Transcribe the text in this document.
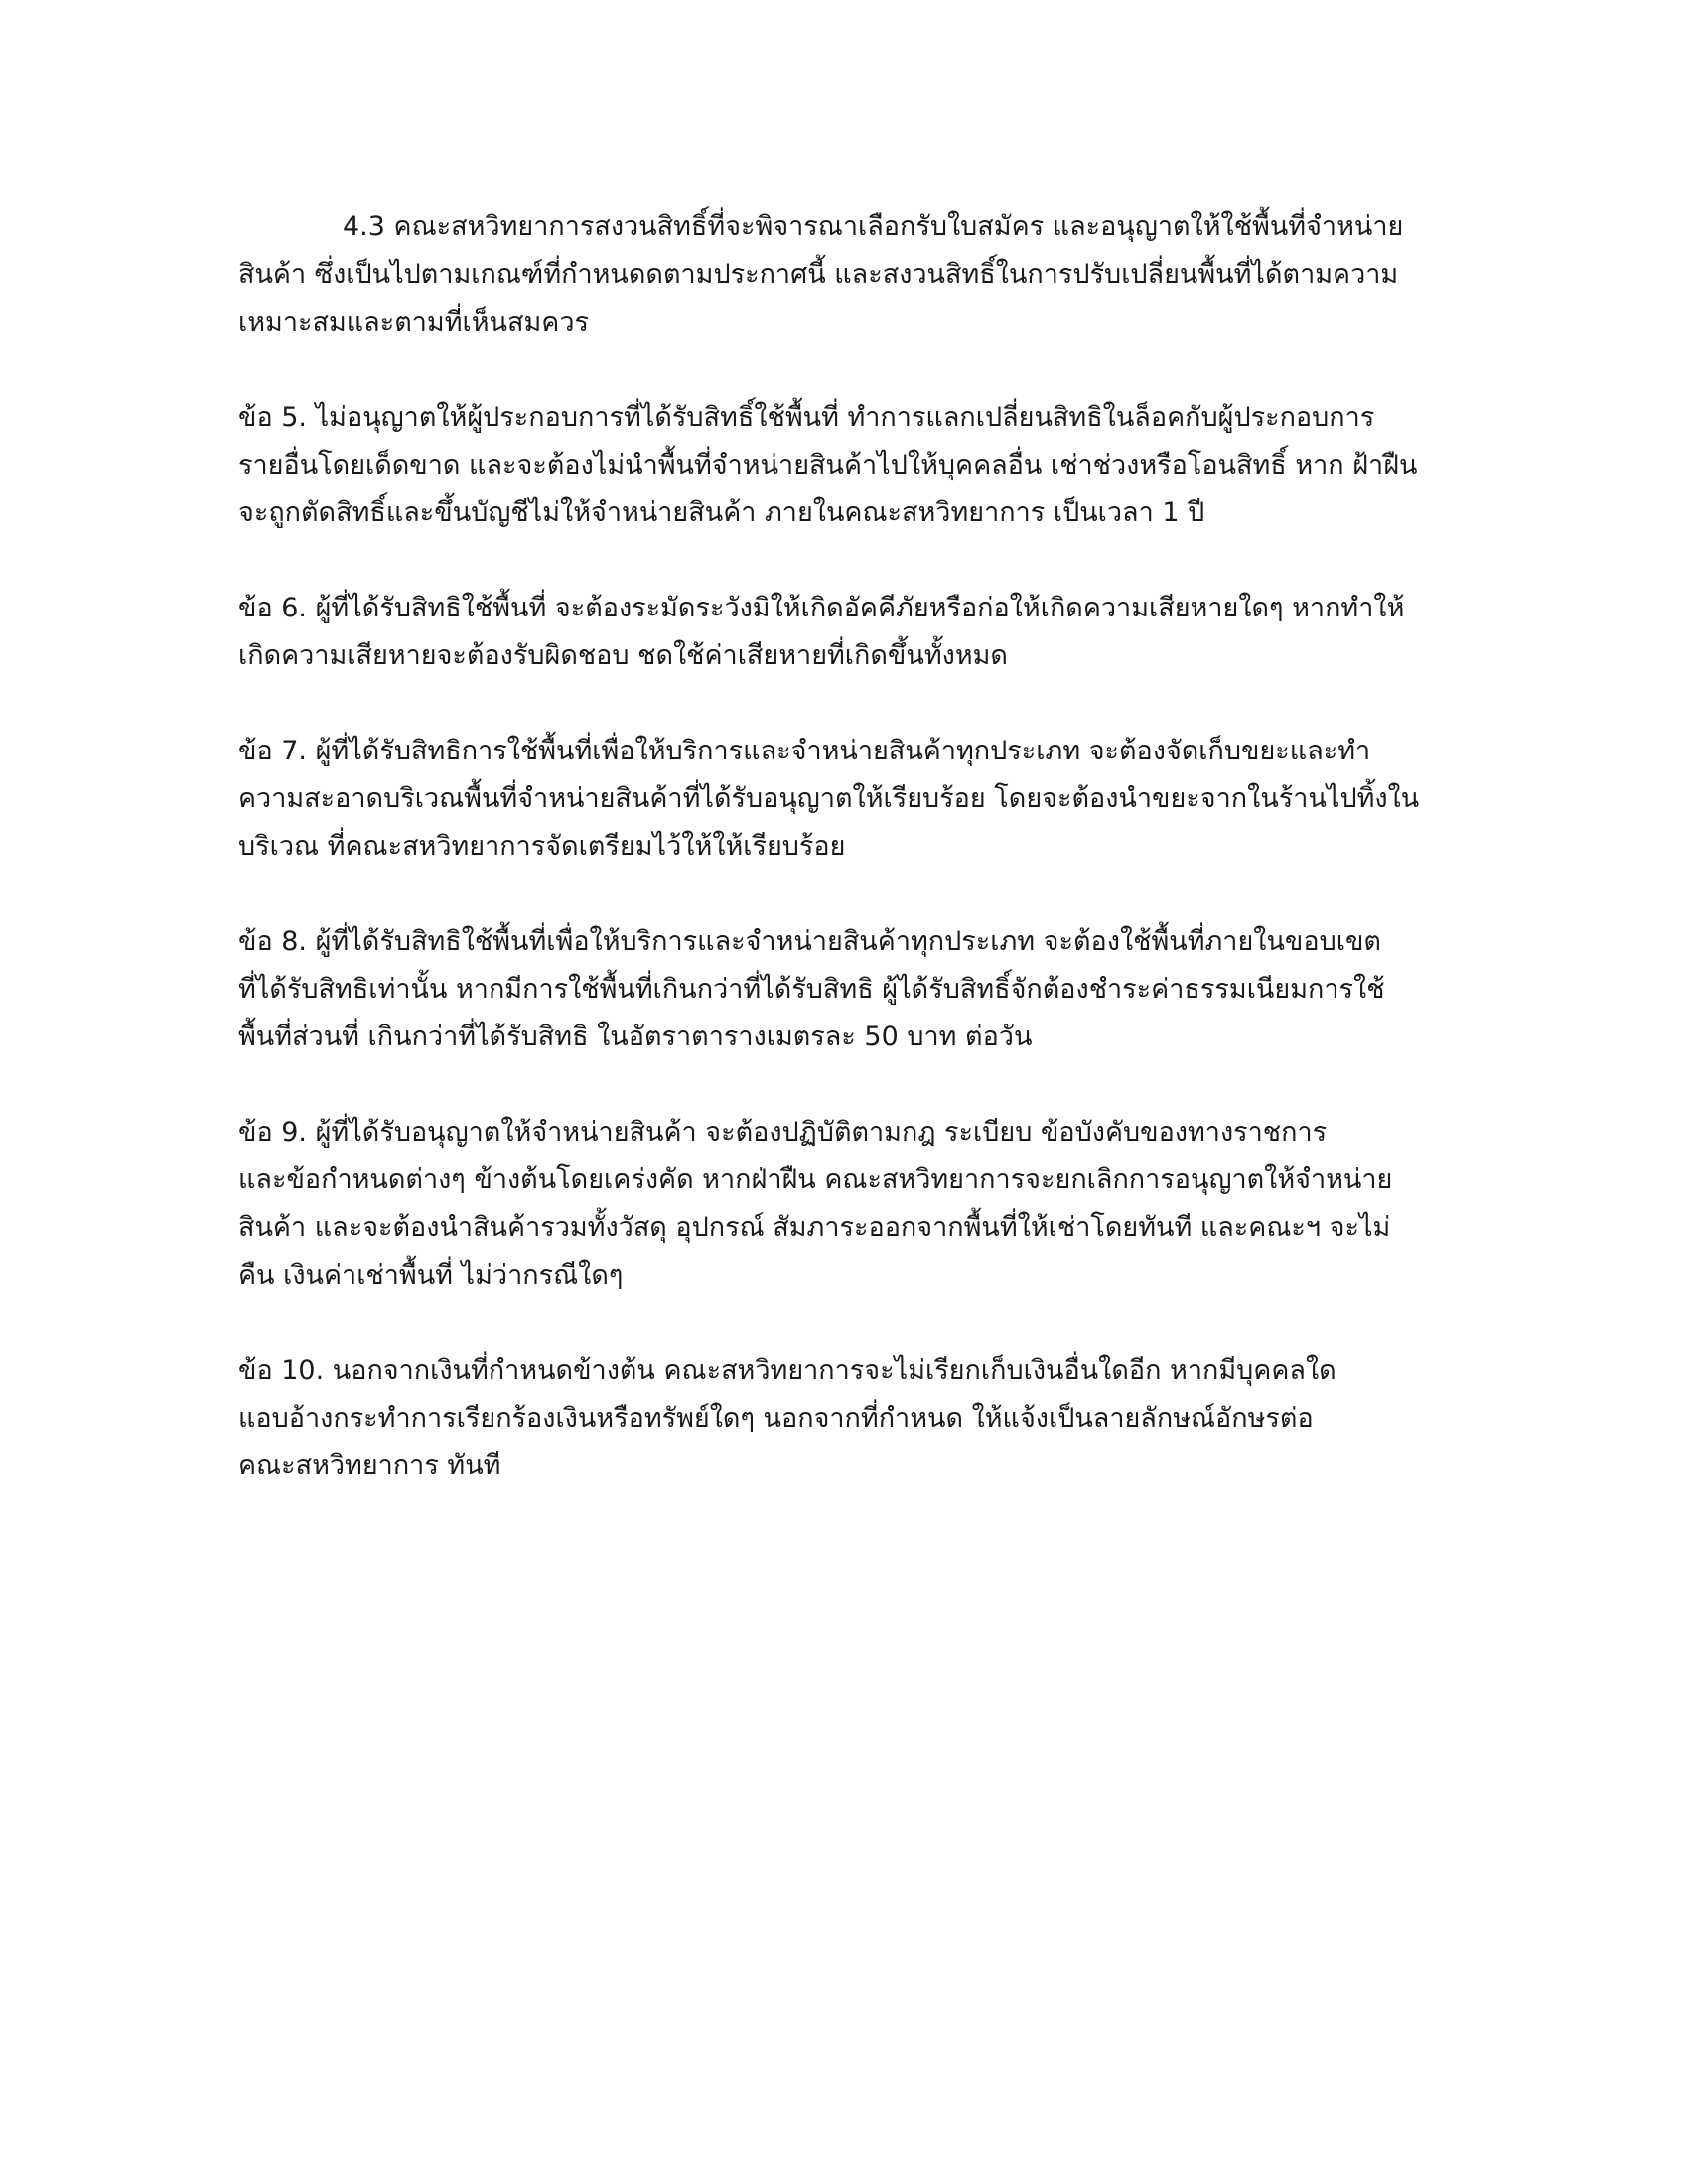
4.3 คณะสหวิทยาการสงวนสิทธิ์ที่จะพิจารณาเลือกรับใบสมัคร และอนุญาตให้ใช้พื้นที่จำหน่าย
สินค้า ซึ่งเป็นไปตามเกณฑ์ที่กำหนดดตามประกาศนี้ และสงวนสิทธิ์ในการปรับเปลี่ยนพื้นที่ได้ตามความ
เหมาะสมและตามที่เห็นสมควร

ข้อ 5. ไม่อนุญาตให้ผู้ประกอบการที่ได้รับสิทธิ์ใช้พื้นที่ ทำการแลกเปลี่ยนสิทธิในล็อคกับผู้ประกอบการ
รายอื่นโดยเด็ดขาด และจะต้องไม่นำพื้นที่จำหน่ายสินค้าไปให้บุคคลอื่น เช่าช่วงหรือโอนสิทธิ์ หาก ฝ้าฝืน
จะถูกตัดสิทธิ์และขึ้นบัญชีไม่ให้จำหน่ายสินค้า ภายในคณะสหวิทยาการ เป็นเวลา 1 ปี

ข้อ 6. ผู้ที่ได้รับสิทธิใช้พื้นที่ จะต้องระมัดระวังมิให้เกิดอัคคีภัยหรือก่อให้เกิดความเสียหายใดๆ หากทำให้
เกิดความเสียหายจะต้องรับผิดชอบ ชดใช้ค่าเสียหายที่เกิดขึ้นทั้งหมด

ข้อ 7. ผู้ที่ได้รับสิทธิการใช้พื้นที่เพื่อให้บริการและจำหน่ายสินค้าทุกประเภท จะต้องจัดเก็บขยะและทำ
ความสะอาดบริเวณพื้นที่จำหน่ายสินค้าที่ได้รับอนุญาตให้เรียบร้อย โดยจะต้องนำขยะจากในร้านไปทิ้งใน
บริเวณ ที่คณะสหวิทยาการจัดเตรียมไว้ให้ให้เรียบร้อย

ข้อ 8. ผู้ที่ได้รับสิทธิใช้พื้นที่เพื่อให้บริการและจำหน่ายสินค้าทุกประเภท จะต้องใช้พื้นที่ภายในขอบเขต
ที่ได้รับสิทธิเท่านั้น หากมีการใช้พื้นที่เกินกว่าที่ได้รับสิทธิ ผู้ได้รับสิทธิ์จักต้องชำระค่าธรรมเนียมการใช้
พื้นที่ส่วนที่ เกินกว่าที่ได้รับสิทธิ ในอัตราตารางเมตรละ 50 บาท ต่อวัน

ข้อ 9. ผู้ที่ได้รับอนุญาตให้จำหน่ายสินค้า จะต้องปฏิบัติตามกฎ ระเบียบ ข้อบังคับของทางราชการ
และข้อกำหนดต่างๆ ข้างต้นโดยเคร่งคัด หากฝ่าฝืน คณะสหวิทยาการจะยกเลิกการอนุญาตให้จำหน่าย
สินค้า และจะต้องนำสินค้ารวมทั้งวัสดุ อุปกรณ์ สัมภาระออกจากพื้นที่ให้เช่าโดยทันที และคณะฯ จะไม่
คืน เงินค่าเช่าพื้นที่ ไม่ว่ากรณีใดๆ

ข้อ 10. นอกจากเงินที่กำหนดข้างต้น คณะสหวิทยาการจะไม่เรียกเก็บเงินอื่นใดอีก หากมีบุคคลใด
แอบอ้างกระทำการเรียกร้องเงินหรือทรัพย์ใดๆ นอกจากที่กำหนด ให้แจ้งเป็นลายลักษณ์อักษรต่อ
คณะสหวิทยาการ ทันที
